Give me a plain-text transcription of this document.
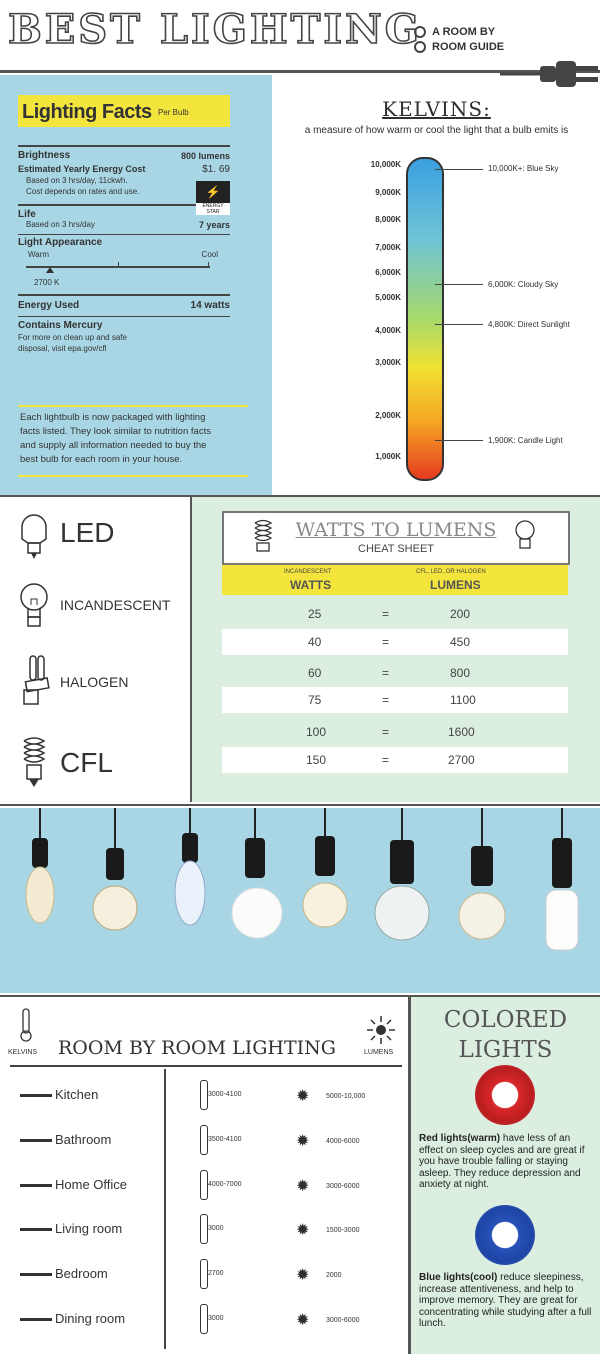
BEST LIGHTING A ROOM BY
ROOM GUIDE
Lighting Facts Per Bulb
Brightness	800 lumens
Estimated Yearly Energy Cost	$1. 69
Based on 3 hrs/day, 11ckwh.
Cost depends on rates and use.	⚡
ENERGY STAR
Life
Based on 3 hrs/day	7 years
Light Appearance
Warm	Cool
2700 K
Energy Used	14 watts
Contains Mercury
For more on clean up and safe
disposal, visit epa.gov/cfl
Each lightbulb is now packaged with lighting
facts listed. They look similar to nutrition facts
and supply all information needed to buy the
best bulb for each room in your house.
KELVINS:
a measure of how warm or cool the light that a bulb emits is
10,000K
9,000K
8,000K
7,000K
6,000K
5,000K
4,000K
3,000K
2,000K
1,000K
10,000K+: Blue Sky
6,000K: Cloudy Sky
4,800K: Direct Sunlight
1,900K: Candle Light
LED
INCANDESCENT
HALOGEN
CFL
WATTS TO LUMENS
CHEAT SHEET
INCANDESCENT
WATTS
CFL, LED, OR HALOGEN
LUMENS
25	=	200
40	=	450
60	=	800
75	=	1100
100	=	1600
150	=	2700
KELVINS ROOM BY ROOM LIGHTING	LUMENS
Kitchen	3000-4100	✹ 5000-10,000
Bathroom	3500-4100	✹ 4000-6000
Home Office	4000-7000	✹ 3000-6000
Living room	3000	✹ 1500-3000
Bedroom	2700	✹ 2000
Dining room	3000	✹ 3000-6000
COLORED
LIGHTS
Red lights(warm) have less of an effect on sleep cycles and are great if you have trouble falling or staying asleep. They reduce depression and anxiety at night.
Blue lights(cool) reduce sleepiness, increase attentiveness, and help to improve memory. They are great for concentrating while studying after a full lunch.
